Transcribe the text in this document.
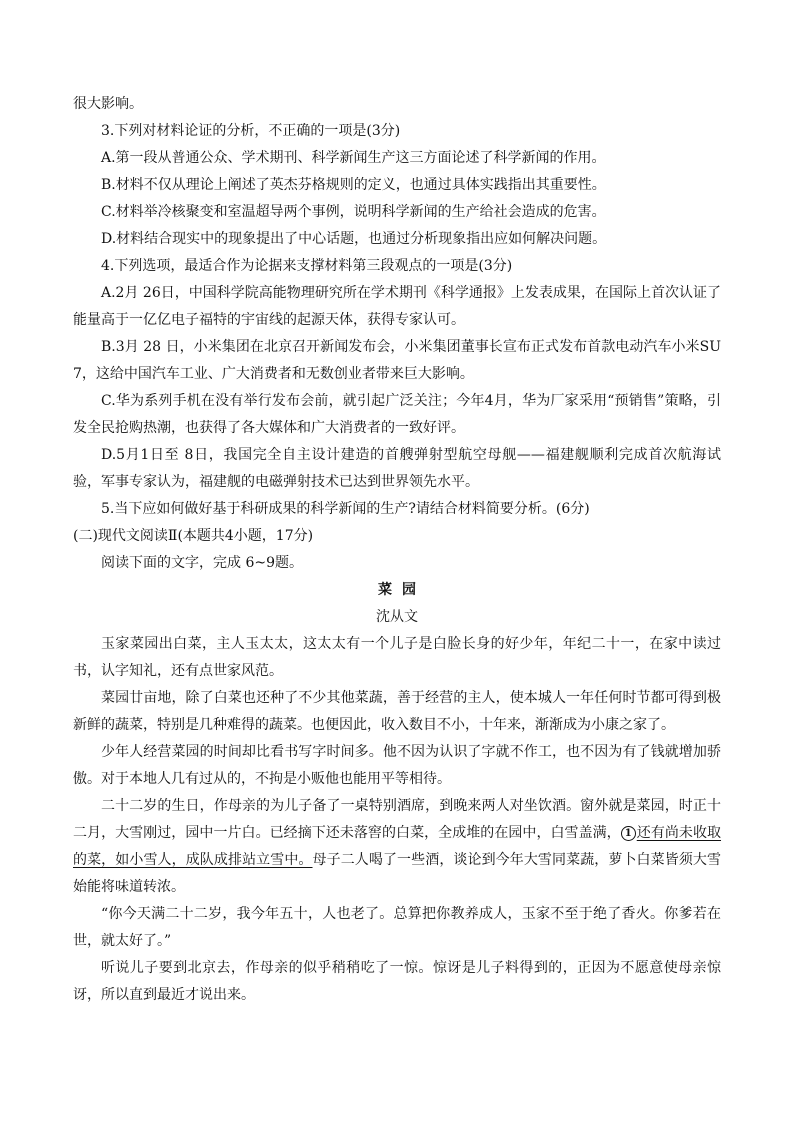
很大影响。

3.下列对材料论证的分析，不正确的一项是(3分)

A.第一段从普通公众、学术期刊、科学新闻生产这三方面论述了科学新闻的作用。

B.材料不仅从理论上阐述了英杰芬格规则的定义，也通过具体实践指出其重要性。

C.材料举冷核聚变和室温超导两个事例，说明科学新闻的生产给社会造成的危害。

D.材料结合现实中的现象提出了中心话题，也通过分析现象指出应如何解决问题。

4.下列选项，最适合作为论据来支撑材料第三段观点的一项是(3分)

A.2月 26日，中国科学院高能物理研究所在学术期刊《科学通报》上发表成果，在国际上首次认证了能量高于一亿亿电子福特的宇宙线的起源天体，获得专家认可。

B.3月 28 日，小米集团在北京召开新闻发布会，小米集团董事长宣布正式发布首款电动汽车小米SU7，这给中国汽车工业、广大消费者和无数创业者带来巨大影响。

C.华为系列手机在没有举行发布会前，就引起广泛关注；今年4月，华为厂家采用“预销售”策略，引发全民抢购热潮，也获得了各大媒体和广大消费者的一致好评。

D.5月1日至 8日，我国完全自主设计建造的首艘弹射型航空母舰——福建舰顺利完成首次航海试验，军事专家认为，福建舰的电磁弹射技术已达到世界领先水平。

5.当下应如何做好基于科研成果的科学新闻的生产?请结合材料简要分析。(6分)

(二)现代文阅读Ⅱ(本题共4小题，17分)

阅读下面的文字，完成 6~9题。

菜园

沈从文

玉家菜园出白菜，主人玉太太，这太太有一个儿子是白脸长身的好少年，年纪二十一，在家中读过书，认字知礼，还有点世家风范。

菜园廿亩地，除了白菜也还种了不少其他菜蔬，善于经营的主人，使本城人一年任何时节都可得到极新鲜的蔬菜，特别是几种难得的蔬菜。也便因此，收入数目不小，十年来，渐渐成为小康之家了。

少年人经营菜园的时间却比看书写字时间多。他不因为认识了字就不作工，也不因为有了钱就增加骄傲。对于本地人几有过从的，不拘是小贩他也能用平等相待。

二十二岁的生日，作母亲的为儿子备了一桌特别酒席，到晚来两人对坐饮酒。窗外就是菜园，时正十二月，大雪刚过，园中一片白。已经摘下还未落窖的白菜，全成堆的在园中，白雪盖满， 1 还有尚未收取的菜，如小雪人，成队成排站立雪中。母子二人喝了一些酒，谈论到今年大雪同菜蔬，萝卜白菜皆须大雪始能将味道转浓。

“你今天满二十二岁，我今年五十，人也老了。总算把你教养成人，玉家不至于绝了香火。你爹若在世，就太好了。”

听说儿子要到北京去，作母亲的似乎稍稍吃了一惊。惊讶是儿子料得到的，正因为不愿意使母亲惊讶，所以直到最近才说出来。
